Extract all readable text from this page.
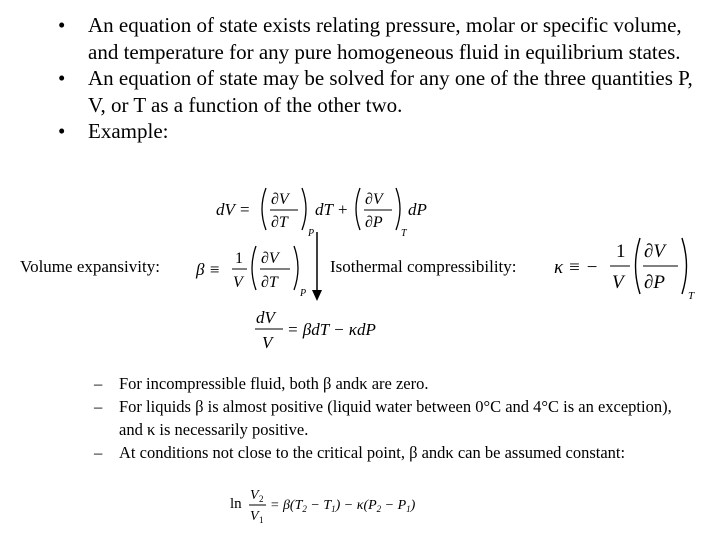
• An equation of state exists relating pressure, molar or specific volume, and temperature for any pure homogeneous fluid in equilibrium states.
• An equation of state may be solved for any one of the three quantities P, V, or T as a function of the other two.
• Example:
dV =
∂V
∂T
P
dT +
∂V
∂P
T
dP
Volume expansivity:	Isothermal compressibility:
β ≡
1
V
∂V
∂T
P
κ ≡ −
1
V
∂V
∂P
T
dV
V
= βdT − κdP
– For incompressible fluid, both β andκ are zero.
– For liquids β is almost positive (liquid water between 0°C and 4°C is an exception), and κ is necessarily positive.
– At conditions not close to the critical point, β andκ can be assumed constant:
ln
V 2
V 1
= $\beta(T_2 - T_1) - \kappa(P_2 - P_1)$
